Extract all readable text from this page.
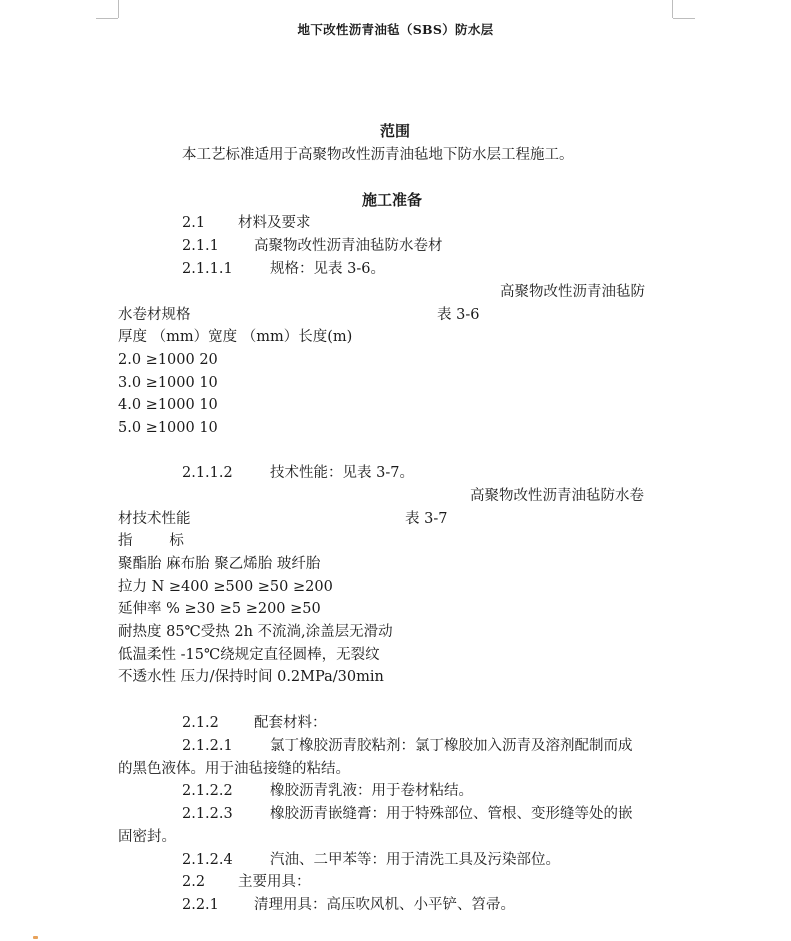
地下改性沥青油毡（SBS）防水层
范围
本工艺标准适用于高聚物改性沥青油毡地下防水层工程施工。
施工准备
2.1 材料及要求
2.1.1 高聚物改性沥青油毡防水卷材
2.1.1.1	规格：见表 3-6。
高聚物改性沥青油毡防
水卷材规格	表 3-6
厚度 （mm）宽度 （mm）长度(m)
2.0 ≥1000 20
3.0 ≥1000 10
4.0 ≥1000 10
5.0 ≥1000 10
2.1.1.2	技术性能：见表 3-7。
高聚物改性沥青油毡防水卷
材技术性能	表 3-7
指        标
聚酯胎 麻布胎 聚乙烯胎 玻纤胎
拉力 N ≥400 ≥500 ≥50 ≥200
延伸率 % ≥30 ≥5 ≥200 ≥50
耐热度 85℃受热 2h 不流淌,涂盖层无滑动
低温柔性 -15℃绕规定直径圆棒，无裂纹
不透水性 压力/保持时间 0.2MPa/30min
2.1.2 配套材料：
2.1.2.1	氯丁橡胶沥青胶粘剂：氯丁橡胶加入沥青及溶剂配制而成
的黑色液体。用于油毡接缝的粘结。
2.1.2.2	橡胶沥青乳液：用于卷材粘结。
2.1.2.3	橡胶沥青嵌缝膏：用于特殊部位、管根、变形缝等处的嵌
固密封。
2.1.2.4	汽油、二甲苯等：用于清洗工具及污染部位。
2.2 主要用具：
2.2.1 清理用具：高压吹风机、小平铲、笤帚。
